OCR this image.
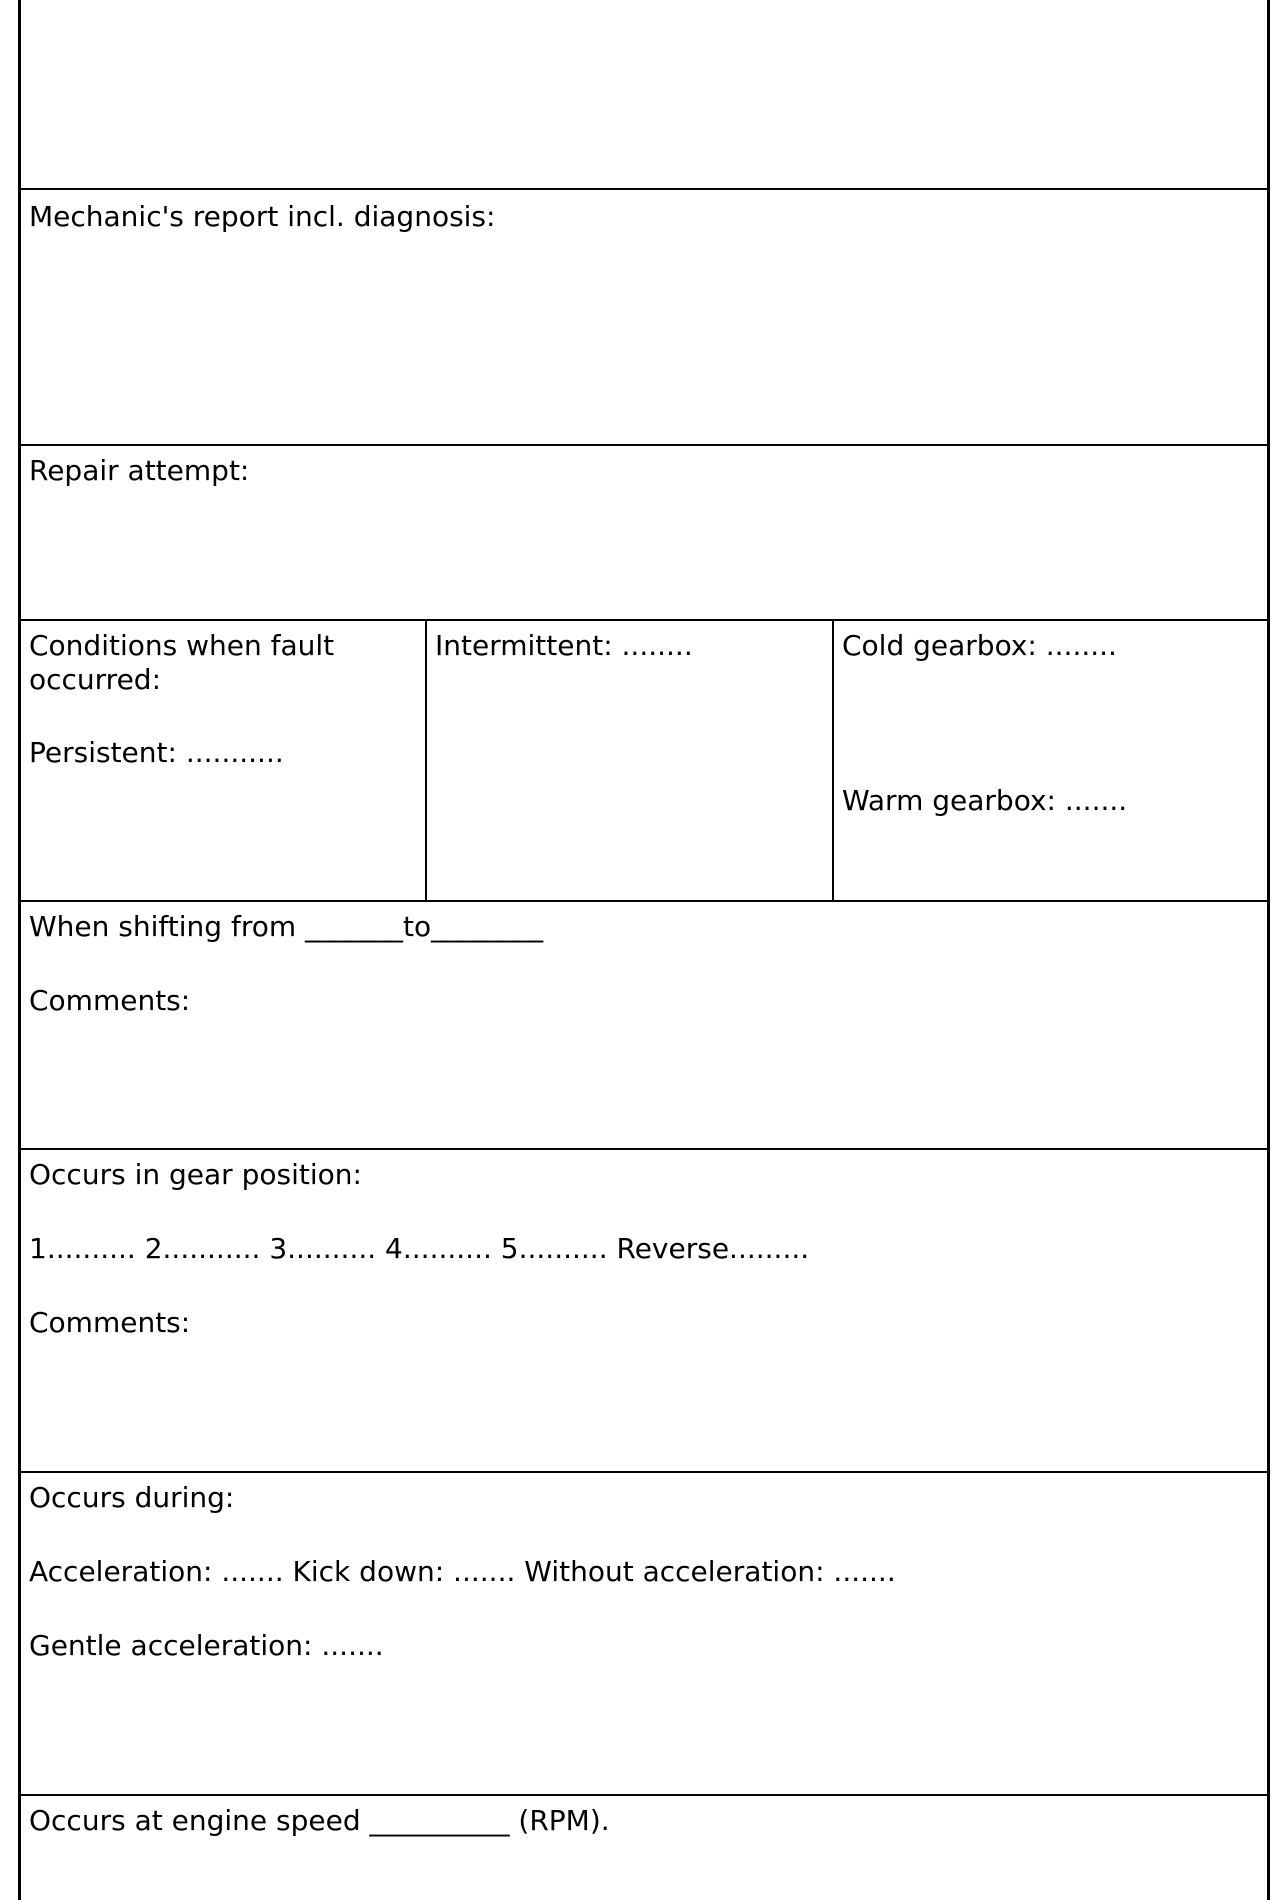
Mechanic's report incl. diagnosis:
Repair attempt:
Conditions when fault occurred:
Persistent: ...........
Intermittent: ........	Cold gearbox: ........
Warm gearbox: .......
When shifting from _______to________
Comments:
Occurs in gear position:
1.......... 2........... 3.......... 4.......... 5.......... Reverse.........
Comments:
Occurs during:
Acceleration: ....... Kick down: ....... Without acceleration: .......
Gentle acceleration: .......
Occurs at engine speed __________ (RPM).
